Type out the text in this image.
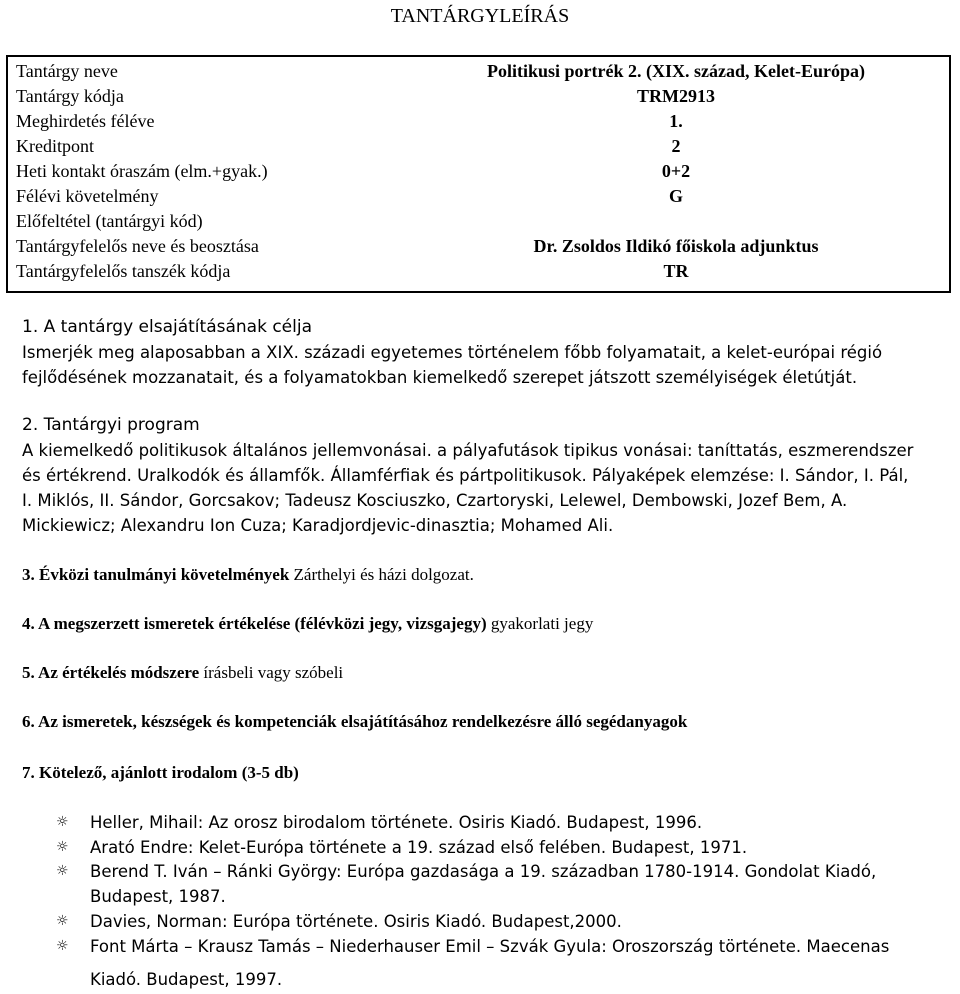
TANTÁRGYLEÍRÁS
Tantárgy neve	Politikusi portrék 2. (XIX. század, Kelet-Európa)
Tantárgy kódja	TRM2913
Meghirdetés féléve	1.
Kreditpont	2
Heti kontakt óraszám (elm.+gyak.)	0+2
Félévi követelmény	G
Előfeltétel (tantárgyi kód)
Tantárgyfelelős neve és beosztása	Dr. Zsoldos Ildikó főiskola adjunktus
Tantárgyfelelős tanszék kódja	TR
1. A tantárgy elsajátításának célja
Ismerjék meg alaposabban a XIX. századi egyetemes történelem főbb folyamatait, a kelet-európai régió
fejlődésének mozzanatait, és a folyamatokban kiemelkedő szerepet játszott személyiségek életútját.
2. Tantárgyi program
A kiemelkedő politikusok általános jellemvonásai. a pályafutások tipikus vonásai: taníttatás, eszmerendszer
és értékrend. Uralkodók és államfők. Államférfiak és pártpolitikusok. Pályaképek elemzése: I. Sándor, I. Pál,
I. Miklós, II. Sándor, Gorcsakov; Tadeusz Kosciuszko, Czartoryski, Lelewel, Dembowski, Jozef Bem, A.
Mickiewicz; Alexandru Ion Cuza; Karadjordjevic-dinasztia; Mohamed Ali.
3. Évközi tanulmányi követelmények Zárthelyi és házi dolgozat.
4. A megszerzett ismeretek értékelése (félévközi jegy, vizsgajegy) gyakorlati jegy
5. Az értékelés módszere írásbeli vagy szóbeli
6. Az ismeretek, készségek és kompetenciák elsajátításához rendelkezésre álló segédanyagok
7. Kötelező, ajánlott irodalom (3-5 db)
☼	Heller, Mihail: Az orosz birodalom története. Osiris Kiadó. Budapest, 1996.
☼	Arató Endre: Kelet-Európa története a 19. század első felében. Budapest, 1971.
☼	Berend T. Iván – Ránki György: Európa gazdasága a 19. században 1780-1914. Gondolat Kiadó,
Budapest, 1987.
☼	Davies, Norman: Európa története. Osiris Kiadó. Budapest,2000.
☼	Font Márta – Krausz Tamás – Niederhauser Emil – Szvák Gyula: Oroszország története. Maecenas
Kiadó. Budapest, 1997.
